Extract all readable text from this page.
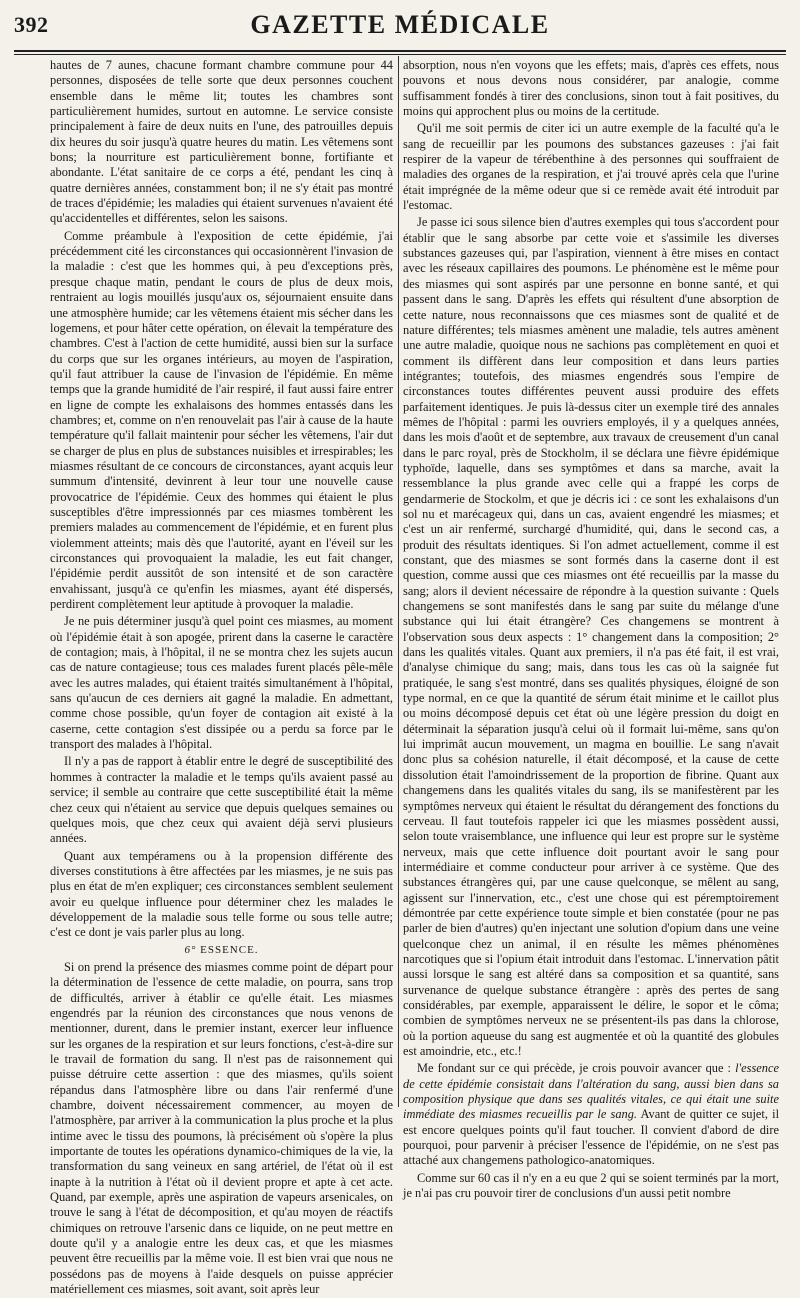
392	GAZETTE MÉDICALE

hautes de 7 aunes, chacune formant chambre commune pour 44 personnes, disposées de telle sorte que deux personnes couchent ensemble dans le même lit; toutes les chambres sont particulièrement humides, surtout en automne. Le service consiste principalement à faire de deux nuits en l'une, des patrouilles depuis dix heures du soir jusqu'à quatre heures du matin. Les vêtemens sont bons; la nourriture est particulièrement bonne, fortifiante et abondante. L'état sanitaire de ce corps a été, pendant les cinq à quatre dernières années, constamment bon; il ne s'y était pas montré de traces d'épidémie; les maladies qui étaient survenues n'avaient été qu'accidentelles et différentes, selon les saisons.

Comme préambule à l'exposition de cette épidémie, j'ai précédemment cité les circonstances qui occasionnèrent l'invasion de la maladie : c'est que les hommes qui, à peu d'exceptions près, presque chaque matin, pendant le cours de plus de deux mois, rentraient au logis mouillés jusqu'aux os, séjournaient ensuite dans une atmosphère humide; car les vêtemens étaient mis sécher dans les logemens, et pour hâter cette opération, on élevait la température des chambres. C'est à l'action de cette humidité, aussi bien sur la surface du corps que sur les organes intérieurs, au moyen de l'aspiration, qu'il faut attribuer la cause de l'invasion de l'épidémie. En même temps que la grande humidité de l'air respiré, il faut aussi faire entrer en ligne de compte les exhalaisons des hommes entassés dans les chambres; et, comme on n'en renouvelait pas l'air à cause de la haute température qu'il fallait maintenir pour sécher les vêtemens, l'air dut se charger de plus en plus de substances nuisibles et irrespirables; les miasmes résultant de ce concours de circonstances, ayant acquis leur summum d'intensité, devinrent à leur tour une nouvelle cause provocatrice de l'épidémie. Ceux des hommes qui étaient le plus susceptibles d'être impressionnés par ces miasmes tombèrent les premiers malades au commencement de l'épidémie, et en furent plus violemment atteints; mais dès que l'autorité, ayant en l'éveil sur les circonstances qui provoquaient la maladie, les eut fait changer, l'épidémie perdit aussitôt de son intensité et de son caractère envahissant, jusqu'à ce qu'enfin les miasmes, ayant été dispersés, perdirent complètement leur aptitude à provoquer la maladie.

Je ne puis déterminer jusqu'à quel point ces miasmes, au moment où l'épidémie était à son apogée, prirent dans la caserne le caractère de contagion; mais, à l'hôpital, il ne se montra chez les sujets aucun cas de nature contagieuse; tous ces malades furent placés pêle-mêle avec les autres malades, qui étaient traités simultanément à l'hôpital, sans qu'aucun de ces derniers ait gagné la maladie. En admettant, comme chose possible, qu'un foyer de contagion ait existé à la caserne, cette contagion s'est dissipée ou a perdu sa force par le transport des malades à l'hôpital.

Il n'y a pas de rapport à établir entre le degré de susceptibilité des hommes à contracter la maladie et le temps qu'ils avaient passé au service; il semble au contraire que cette susceptibilité était la même chez ceux qui n'étaient au service que depuis quelques semaines ou quelques mois, que chez ceux qui avaient déjà servi plusieurs années.

Quant aux tempéramens ou à la propension différente des diverses constitutions à être affectées par les miasmes, je ne suis pas plus en état de m'en expliquer; ces circonstances semblent seulement avoir eu quelque influence pour déterminer chez les malades le développement de la maladie sous telle forme ou sous telle autre; c'est ce dont je vais parler plus au long.

6° ESSENCE.

Si on prend la présence des miasmes comme point de départ pour la détermination de l'essence de cette maladie, on pourra, sans trop de difficultés, arriver à établir ce qu'elle était. Les miasmes engendrés par la réunion des circonstances que nous venons de mentionner, durent, dans le premier instant, exercer leur influence sur les organes de la respiration et sur leurs fonctions, c'est-à-dire sur le travail de formation du sang. Il n'est pas de raisonnement qui puisse détruire cette assertion : que des miasmes, qu'ils soient répandus dans l'atmosphère libre ou dans l'air renfermé d'une chambre, doivent nécessairement commencer, au moyen de l'atmosphère, par arriver à la communication la plus proche et la plus intime avec le tissu des poumons, là précisément où s'opère la plus importante de toutes les opérations dynamico-chimiques de la vie, la transformation du sang veineux en sang artériel, de l'état où il est inapte à la nutrition à l'état où il devient propre et apte à cet acte. Quand, par exemple, après une aspiration de vapeurs arsenicales, on trouve le sang à l'état de décomposition, et qu'au moyen de réactifs chimiques on retrouve l'arsenic dans ce liquide, on ne peut mettre en doute qu'il y a analogie entre les deux cas, et que les miasmes peuvent être recueillis par la même voie. Il est bien vrai que nous ne possédons pas de moyens à l'aide desquels on puisse apprécier matériellement ces miasmes, soit avant, soit après leur

absorption, nous n'en voyons que les effets; mais, d'après ces effets, nous pouvons et nous devons nous considérer, par analogie, comme suffisamment fondés à tirer des conclusions, sinon tout à fait positives, du moins qui approchent plus ou moins de la certitude.

Qu'il me soit permis de citer ici un autre exemple de la faculté qu'a le sang de recueillir par les poumons des substances gazeuses : j'ai fait respirer de la vapeur de térébenthine à des personnes qui souffraient de maladies des organes de la respiration, et j'ai trouvé après cela que l'urine était imprégnée de la même odeur que si ce remède avait été introduit par l'estomac.

Je passe ici sous silence bien d'autres exemples qui tous s'accordent pour établir que le sang absorbe par cette voie et s'assimile les diverses substances gazeuses qui, par l'aspiration, viennent à être mises en contact avec les réseaux capillaires des poumons. Le phénomène est le même pour des miasmes qui sont aspirés par une personne en bonne santé, et qui passent dans le sang. D'après les effets qui résultent d'une absorption de cette nature, nous reconnaissons que ces miasmes sont de qualité et de nature différentes; tels miasmes amènent une maladie, tels autres amènent une autre maladie, quoique nous ne sachions pas complètement en quoi et comment ils diffèrent dans leur composition et dans leurs parties intégrantes; toutefois, des miasmes engendrés sous l'empire de circonstances toutes différentes peuvent aussi produire des effets parfaitement identiques. Je puis là-dessus citer un exemple tiré des annales mêmes de l'hôpital : parmi les ouvriers employés, il y a quelques années, dans les mois d'août et de septembre, aux travaux de creusement d'un canal dans le parc royal, près de Stockholm, il se déclara une fièvre épidémique typhoïde, laquelle, dans ses symptômes et dans sa marche, avait la ressemblance la plus grande avec celle qui a frappé les corps de gendarmerie de Stockolm, et que je décris ici : ce sont les exhalaisons d'un sol nu et marécageux qui, dans un cas, avaient engendré les miasmes; et c'est un air renfermé, surchargé d'humidité, qui, dans le second cas, a produit des résultats identiques. Si l'on admet actuellement, comme il est constant, que des miasmes se sont formés dans la caserne dont il est question, comme aussi que ces miasmes ont été recueillis par la masse du sang; alors il devient nécessaire de répondre à la question suivante : Quels changemens se sont manifestés dans le sang par suite du mélange d'une substance qui lui était étrangère? Ces changemens se montrent à l'observation sous deux aspects : 1° changement dans la composition; 2° dans les qualités vitales. Quant aux premiers, il n'a pas été fait, il est vrai, d'analyse chimique du sang; mais, dans tous les cas où la saignée fut pratiquée, le sang s'est montré, dans ses qualités physiques, éloigné de son type normal, en ce que la quantité de sérum était minime et le caillot plus ou moins décomposé depuis cet état où une légère pression du doigt en déterminait la séparation jusqu'à celui où il formait lui-même, sans qu'on lui imprimât aucun mouvement, un magma en bouillie. Le sang n'avait donc plus sa cohésion naturelle, il était décomposé, et la cause de cette dissolution était l'amoindrissement de la proportion de fibrine. Quant aux changemens dans les qualités vitales du sang, ils se manifestèrent par les symptômes nerveux qui étaient le résultat du dérangement des fonctions du cerveau. Il faut toutefois rappeler ici que les miasmes possèdent aussi, selon toute vraisemblance, une influence qui leur est propre sur le système nerveux, mais que cette influence doit pourtant avoir le sang pour intermédiaire et comme conducteur pour arriver à ce système. Que des substances étrangères qui, par une cause quelconque, se mêlent au sang, agissent sur l'innervation, etc., c'est une chose qui est péremptoirement démontrée par cette expérience toute simple et bien constatée (pour ne pas parler de bien d'autres) qu'en injectant une solution d'opium dans une veine quelconque chez un animal, il en résulte les mêmes phénomènes narcotiques que si l'opium était introduit dans l'estomac. L'innervation pâtit aussi lorsque le sang est altéré dans sa composition et sa quantité, sans survenance de quelque substance étrangère : après des pertes de sang considérables, par exemple, apparaissent le délire, le sopor et le côma; combien de symptômes nerveux ne se présentent-ils pas dans la chlorose, où la portion aqueuse du sang est augmentée et où la quantité des globules est amoindrie, etc., etc.!

Me fondant sur ce qui précède, je crois pouvoir avancer que : l'essence de cette épidémie consistait dans l'altération du sang, aussi bien dans sa composition physique que dans ses qualités vitales, ce qui était une suite immédiate des miasmes recueillis par le sang. Avant de quitter ce sujet, il est encore quelques points qu'il faut toucher. Il convient d'abord de dire pourquoi, pour parvenir à préciser l'essence de l'épidémie, on ne s'est pas attaché aux changemens pathologico-anatomiques.

Comme sur 60 cas il n'y en a eu que 2 qui se soient terminés par la mort, je n'ai pas cru pouvoir tirer de conclusions d'un aussi petit nombre
